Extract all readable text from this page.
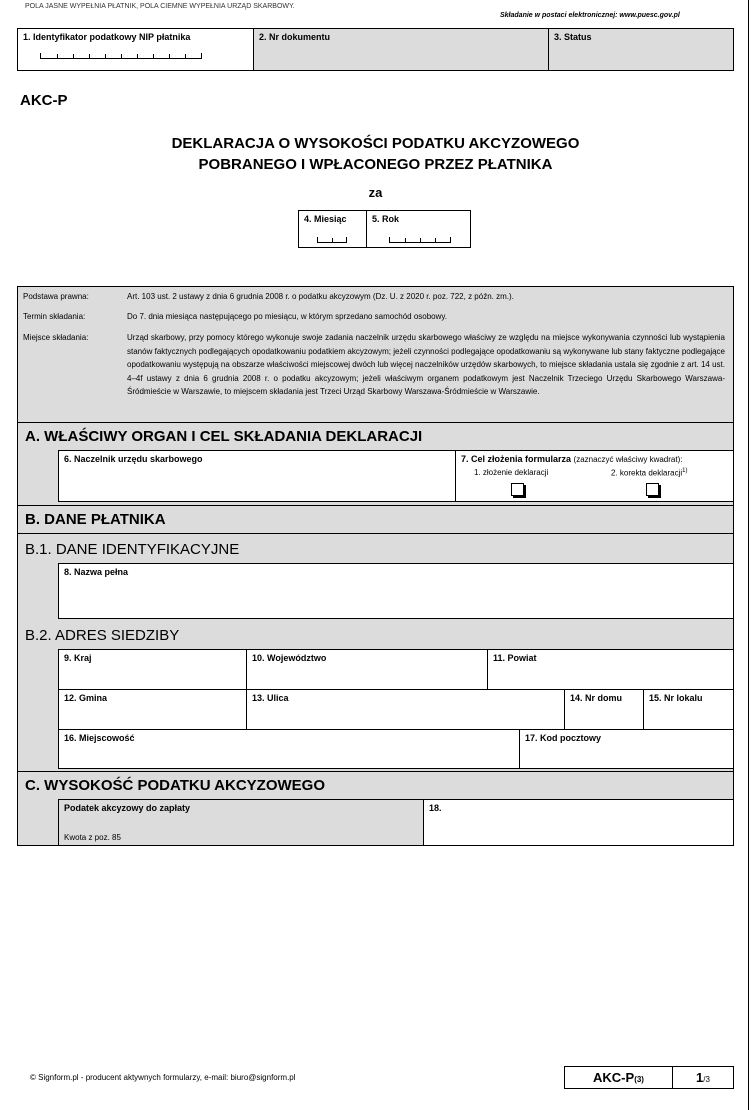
POLA JASNE WYPEŁNIA PŁATNIK, POLA CIEMNE WYPEŁNIA URZĄD SKARBOWY.
Składanie w postaci elektronicznej: www.puesc.gov.pl
1. Identyfikator podatkowy NIP płatnika	2. Nr dokumentu	3. Status
AKC-P
DEKLARACJA O WYSOKOŚCI PODATKU AKCYZOWEGO
POBRANEGO I WPŁACONEGO PRZEZ PŁATNIKA
za
4. Miesiąc	5. Rok
Podstawa prawna:	Art. 103 ust. 2 ustawy z dnia 6 grudnia 2008 r. o podatku akcyzowym (Dz. U. z 2020 r. poz. 722, z późn. zm.).
Termin składania:	Do 7. dnia miesiąca następującego po miesiącu, w którym sprzedano samochód osobowy.
Miejsce składania:	Urząd skarbowy, przy pomocy którego wykonuje swoje zadania naczelnik urzędu skarbowego właściwy ze względu na miejsce wykonywania czynności lub wystąpienia stanów faktycznych podlegających opodatkowaniu podatkiem akcyzowym; jeżeli czynności podlegające opodatkowaniu są wykonywane lub stany faktyczne podlegające opodatkowaniu występują na obszarze właściwości miejscowej dwóch lub więcej naczelników urzędów skarbowych, to miejsce składania ustala się zgodnie z art. 14 ust. 4–4f ustawy z dnia 6 grudnia 2008 r. o podatku akcyzowym; jeżeli właściwym organem podatkowym jest Naczelnik Trzeciego Urzędu Skarbowego Warszawa-Śródmieście w Warszawie, to miejscem składania jest Trzeci Urząd Skarbowy Warszawa-Śródmieście w Warszawie.
A. WŁAŚCIWY ORGAN I CEL SKŁADANIA DEKLARACJI
6. Naczelnik urzędu skarbowego	7. Cel złożenia formularza (zaznaczyć właściwy kwadrat):
1. złożenie deklaracji	2. korekta deklaracji$^{1)}$
B. DANE PŁATNIKA
B.1. DANE IDENTYFIKACYJNE
8. Nazwa pełna
B.2. ADRES SIEDZIBY
9. Kraj	10. Województwo	11. Powiat
12. Gmina	13. Ulica	14. Nr domu	15. Nr lokalu
16. Miejscowość	17. Kod pocztowy
C. WYSOKOŚĆ PODATKU AKCYZOWEGO
Podatek akcyzowy do zapłaty
Kwota z poz. 85
18.
© Signform.pl - producent aktywnych formularzy, e-mail: biuro@signform.pl	AKC-P(3)	1/3
